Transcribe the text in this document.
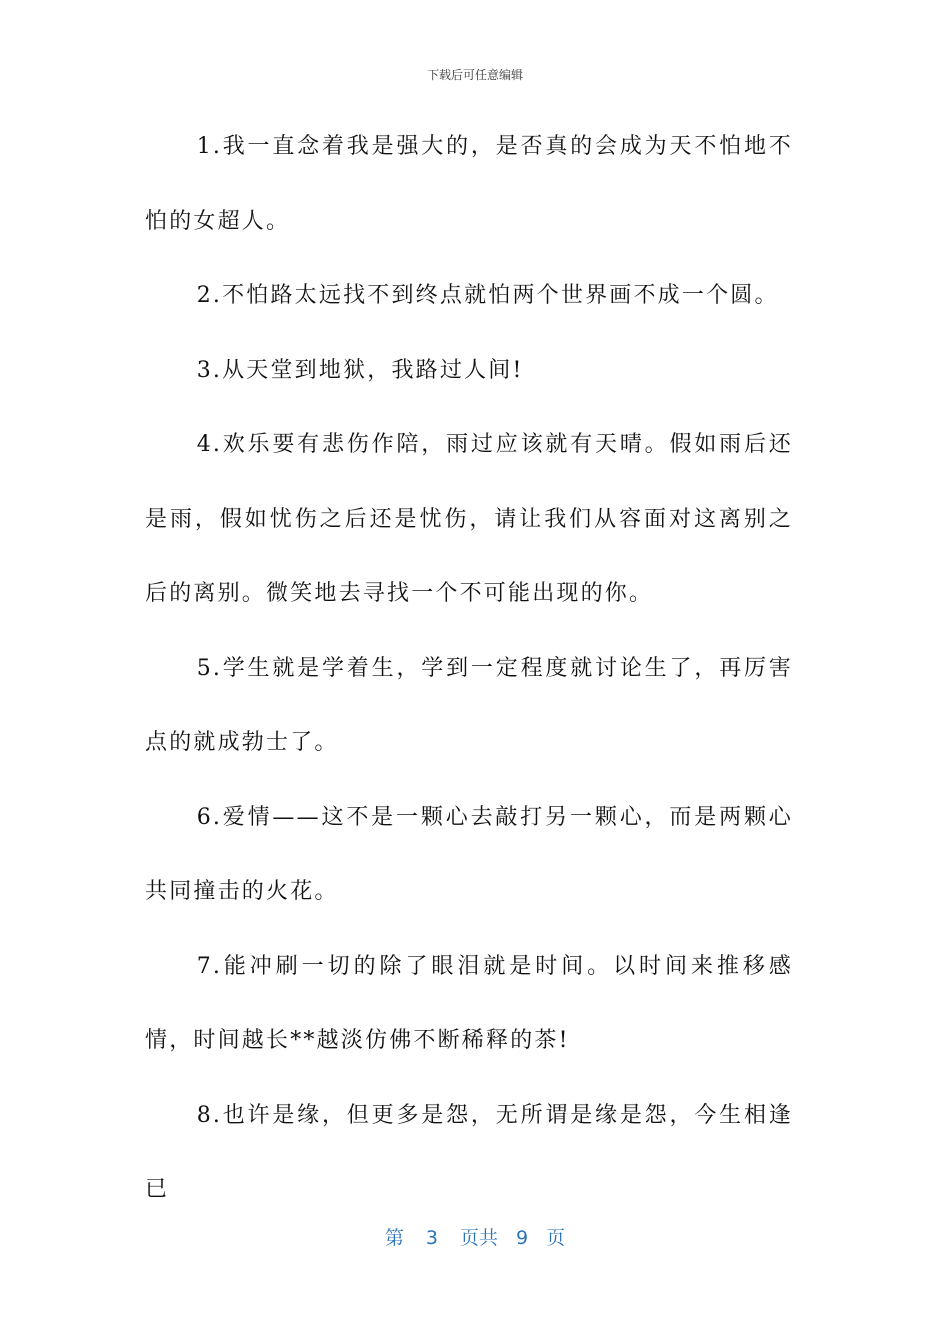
下载后可任意编辑

1.我一直念着我是强大的，是否真的会成为天不怕地不怕的女超人。

2.不怕路太远找不到终点就怕两个世界画不成一个圆。

3.从天堂到地狱，我路过人间!

4.欢乐要有悲伤作陪，雨过应该就有天晴。假如雨后还是雨，假如忧伤之后还是忧伤，请让我们从容面对这离别之后的离别。微笑地去寻找一个不可能出现的你。

5.学生就是学着生，学到一定程度就讨论生了，再厉害点的就成勃士了。

6.爱情——这不是一颗心去敲打另一颗心，而是两颗心共同撞击的火花。

7.能冲刷一切的除了眼泪就是时间。以时间来推移感情，时间越长**越淡仿佛不断稀释的茶!

8.也许是缘，但更多是怨，无所谓是缘是怨，今生相逢已

第 3 页共 9 页
